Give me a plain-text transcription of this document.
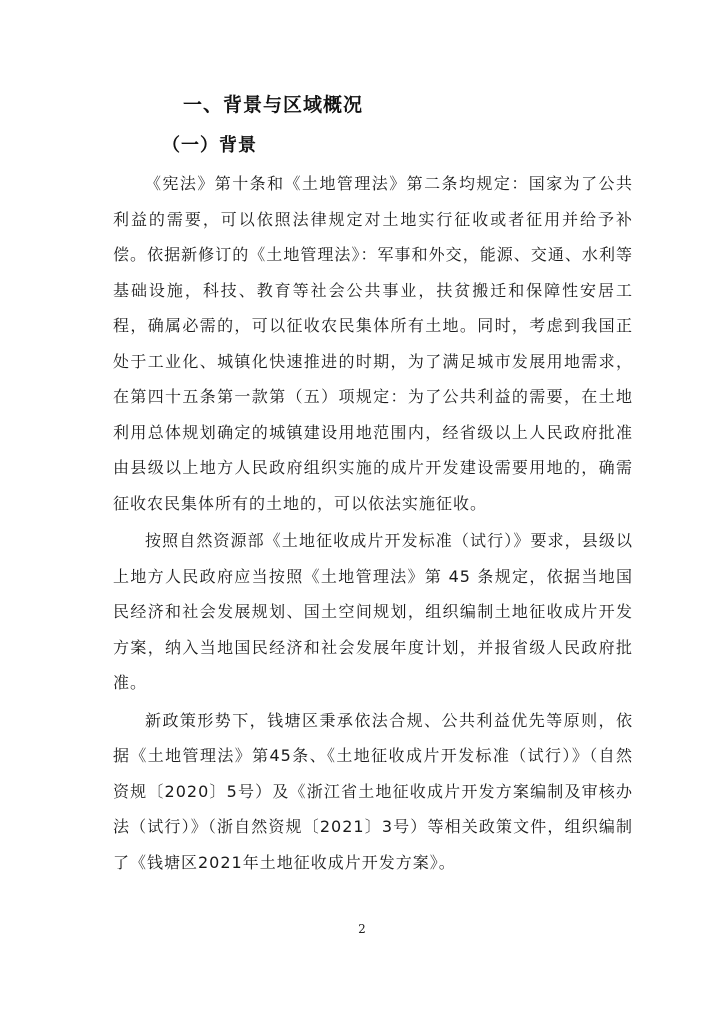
一、背景与区域概况
（一）背景

《宪法》第十条和《土地管理法》第二条均规定：国家为了公共利益的需要，可以依照法律规定对土地实行征收或者征用并给予补偿。依据新修订的《土地管理法》：军事和外交，能源、交通、水利等基础设施，科技、教育等社会公共事业，扶贫搬迁和保障性安居工程，确属必需的，可以征收农民集体所有土地。同时，考虑到我国正处于工业化、城镇化快速推进的时期，为了满足城市发展用地需求，在第四十五条第一款第（五）项规定：为了公共利益的需要，在土地利用总体规划确定的城镇建设用地范围内，经省级以上人民政府批准由县级以上地方人民政府组织实施的成片开发建设需要用地的，确需征收农民集体所有的土地的，可以依法实施征收。

按照自然资源部《土地征收成片开发标准（试行）》要求，县级以上地方人民政府应当按照《土地管理法》第 45 条规定，依据当地国民经济和社会发展规划、国土空间规划，组织编制土地征收成片开发方案，纳入当地国民经济和社会发展年度计划，并报省级人民政府批准。

新政策形势下，钱塘区秉承依法合规、公共利益优先等原则，依据《土地管理法》第45条、《土地征收成片开发标准（试行）》（自然资规〔2020〕5号）及《浙江省土地征收成片开发方案编制及审核办法（试行）》（浙自然资规〔2021〕3号）等相关政策文件，组织编制了《钱塘区2021年土地征收成片开发方案》。

2
